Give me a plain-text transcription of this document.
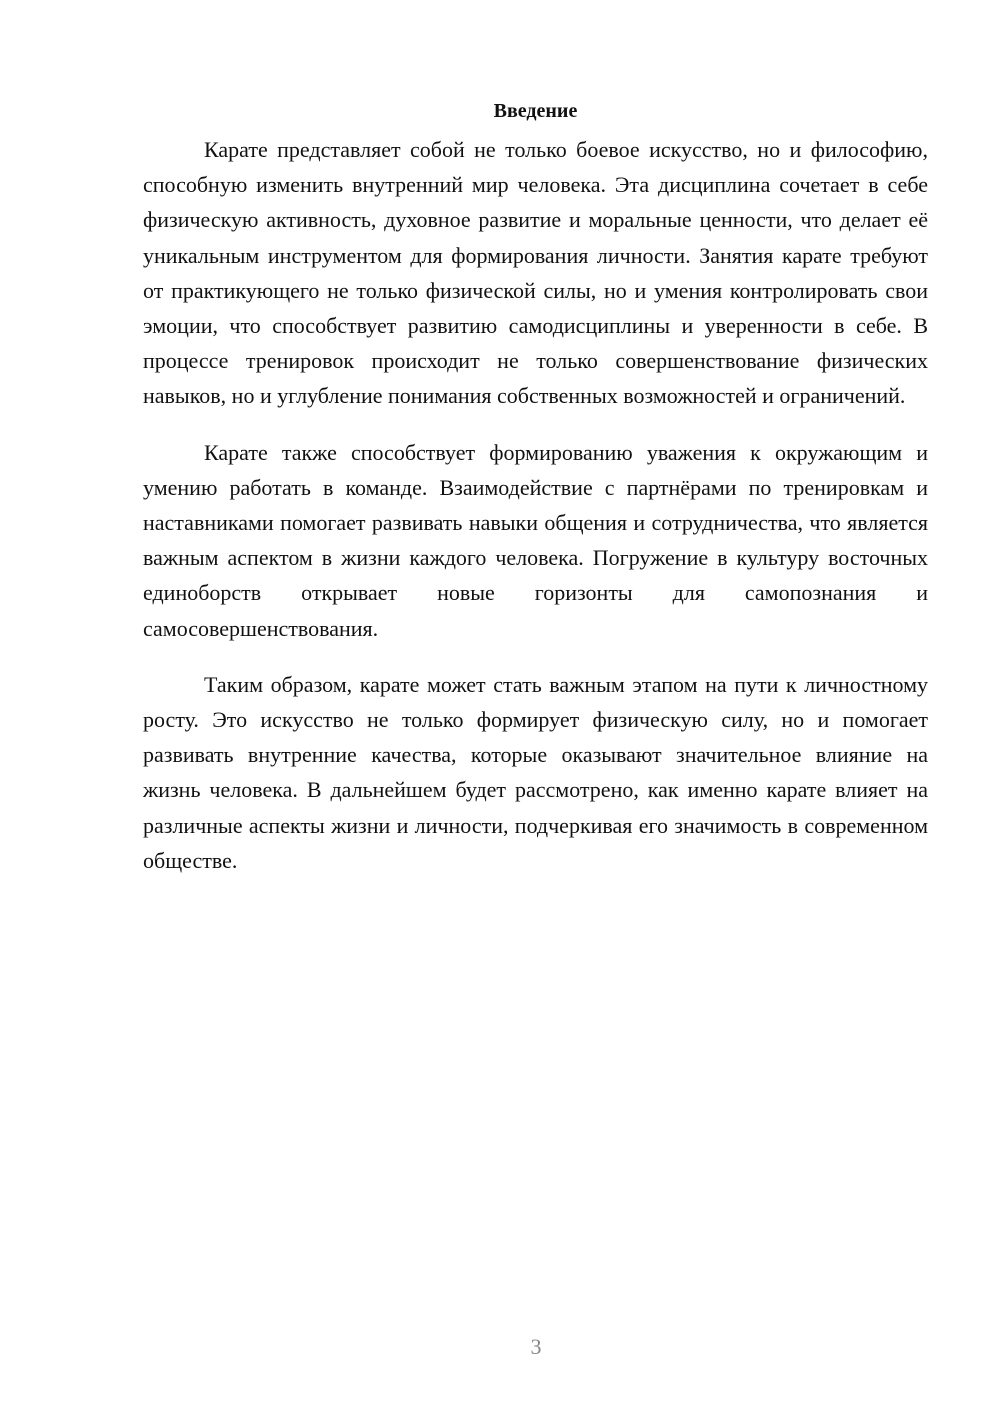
Введение

Карате представляет собой не только боевое искусство, но и философию, способную изменить внутренний мир человека. Эта дисциплина сочетает в себе физическую активность, духовное развитие и моральные ценности, что делает её уникальным инструментом для формирования личности. Занятия карате требуют от практикующего не только физической силы, но и умения контролировать свои эмоции, что способствует развитию самодисциплины и уверенности в себе. В процессе тренировок происходит не только совершенствование физических навыков, но и углубление понимания собственных возможностей и ограничений.

Карате также способствует формированию уважения к окружающим и умению работать в команде. Взаимодействие с партнёрами по тренировкам и наставниками помогает развивать навыки общения и сотрудничества, что является важным аспектом в жизни каждого человека. Погружение в культуру восточных единоборств открывает новые горизонты для самопознания и самосовершенствования.

Таким образом, карате может стать важным этапом на пути к личностному росту. Это искусство не только формирует физическую силу, но и помогает развивать внутренние качества, которые оказывают значительное влияние на жизнь человека. В дальнейшем будет рассмотрено, как именно карате влияет на различные аспекты жизни и личности, подчеркивая его значимость в современном обществе.

3
